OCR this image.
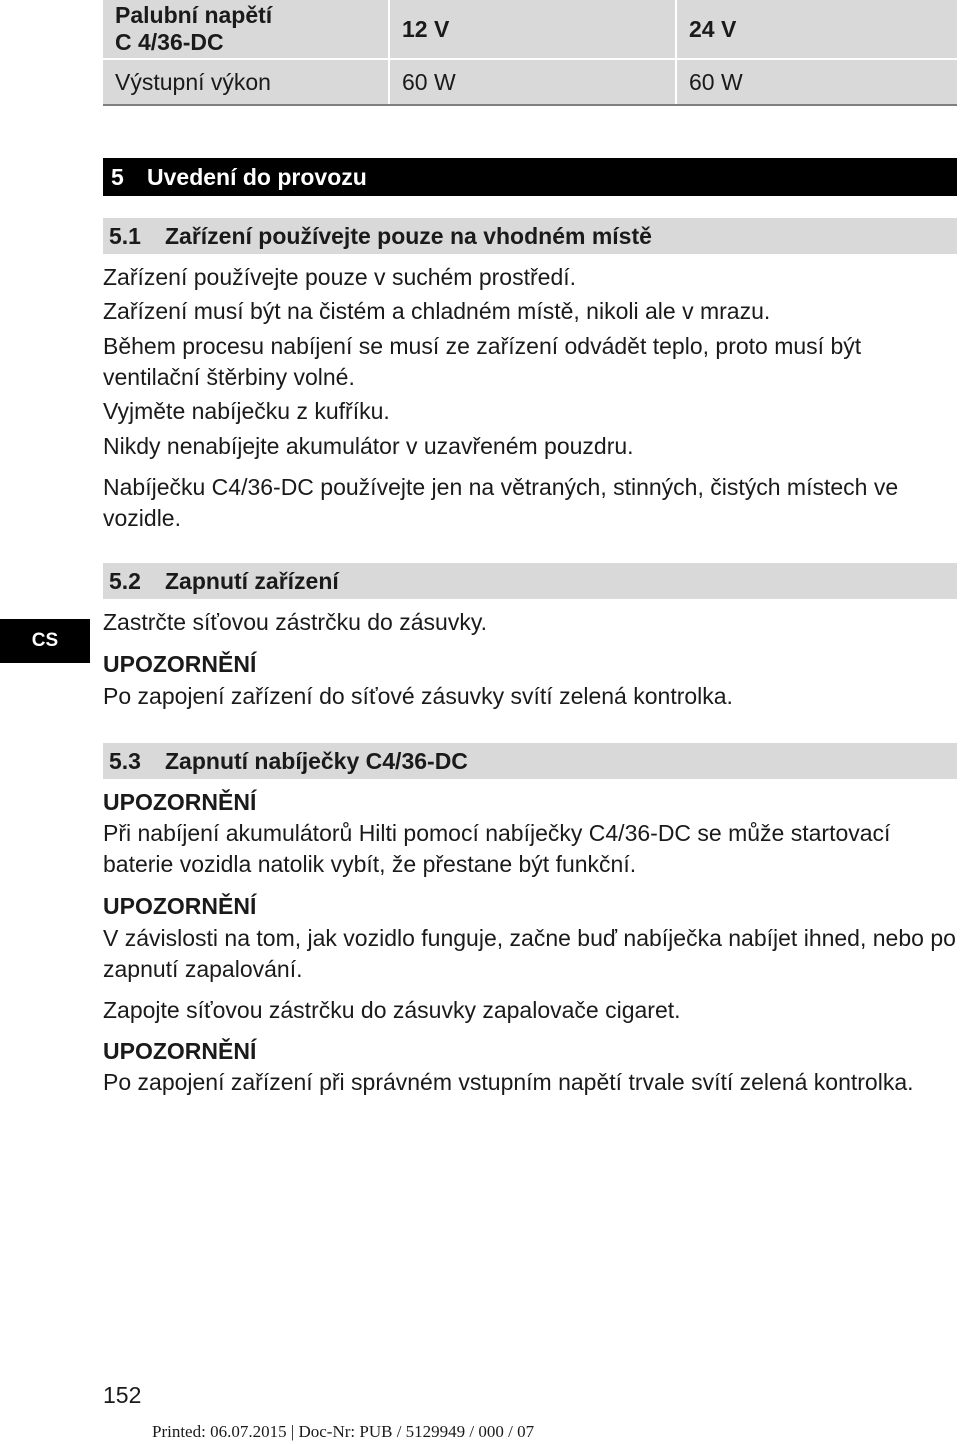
Palubní napětí
C 4/36-DC	12 V	24 V
Výstupní výkon	60 W	60 W
5	Uvedení do provozu
5.1	Zařízení používejte pouze na vhodném místě

Zařízení používejte pouze v suchém prostředí.

Zařízení musí být na čistém a chladném místě, nikoli ale v mrazu.

Během procesu nabíjení se musí ze zařízení odvádět teplo, proto musí být ventilační štěrbiny volné.

Vyjměte nabíječku z kufříku.

Nikdy nenabíjejte akumulátor v uzavřeném pouzdru.

Nabíječku C4/36-DC používejte jen na větraných, stinných, čistých místech ve vozidle.

CS
5.2	Zapnutí zařízení

Zastrčte síťovou zástrčku do zásuvky.

UPOZORNĚNÍ

Po zapojení zařízení do síťové zásuvky svítí zelená kontrolka.

5.3	Zapnutí nabíječky C4/36-DC
UPOZORNĚNÍ

Při nabíjení akumulátorů Hilti pomocí nabíječky C4/36-DC se může startovací baterie vozidla natolik vybít, že přestane být funkční.

UPOZORNĚNÍ

V závislosti na tom, jak vozidlo funguje, začne buď nabíječka nabíjet ihned, nebo po zapnutí zapalování.

Zapojte síťovou zástrčku do zásuvky zapalovače cigaret.

UPOZORNĚNÍ

Po zapojení zařízení při správném vstupním napětí trvale svítí zelená kontrolka.

152
Printed: 06.07.2015 | Doc-Nr: PUB / 5129949 / 000 / 07
